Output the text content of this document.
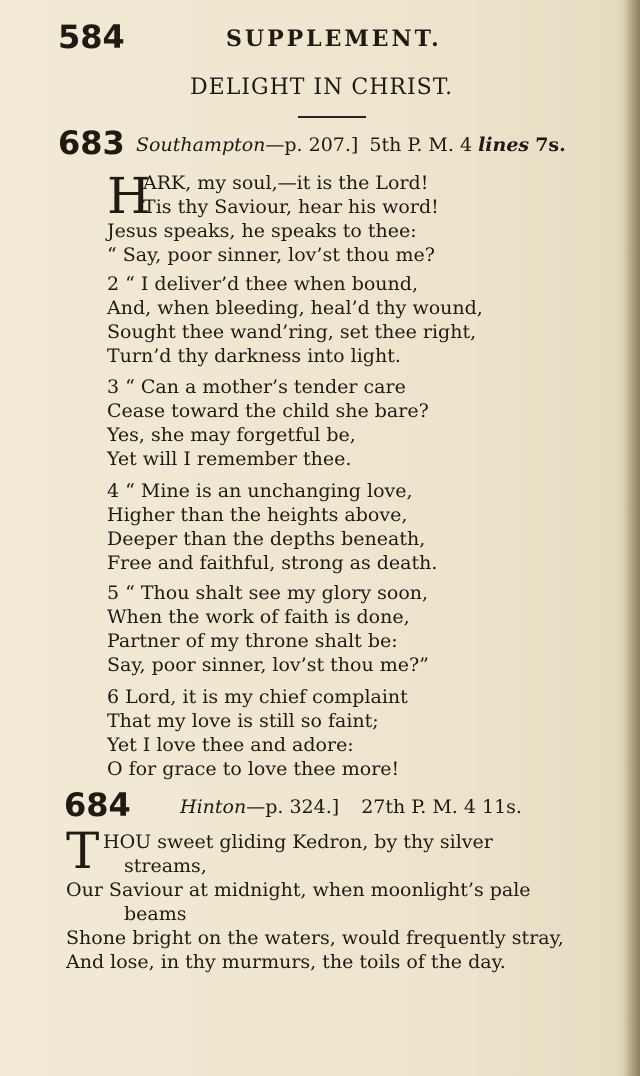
584	SUPPLEMENT.
DELIGHT IN CHRIST.
683 Southampton—p. 207.] 5th P. M. 4 lines 7s.
H
ARK, my soul,—it is the Lord!
’Tis thy Saviour, hear his word!
Jesus speaks, he speaks to thee:
“ Say, poor sinner, lov’st thou me?
2 “ I deliver’d thee when bound,
And, when bleeding, heal’d thy wound,
Sought thee wand’ring, set thee right,
Turn’d thy darkness into light.
3 “ Can a mother’s tender care
Cease toward the child she bare?
Yes, she may forgetful be,
Yet will I remember thee.
4 “ Mine is an unchanging love,
Higher than the heights above,
Deeper than the depths beneath,
Free and faithful, strong as death.
5 “ Thou shalt see my glory soon,
When the work of faith is done,
Partner of my throne shalt be:
Say, poor sinner, lov’st thou me?”
6 Lord, it is my chief complaint
That my love is still so faint;
Yet I love thee and adore:
O for grace to love thee more!
684	Hinton—p. 324.] 27th P. M. 4 11s.
T HOU sweet gliding Kedron, by thy silver
streams,
Our Saviour at midnight, when moonlight’s pale
beams
Shone bright on the waters, would frequently stray,
And lose, in thy murmurs, the toils of the day.
